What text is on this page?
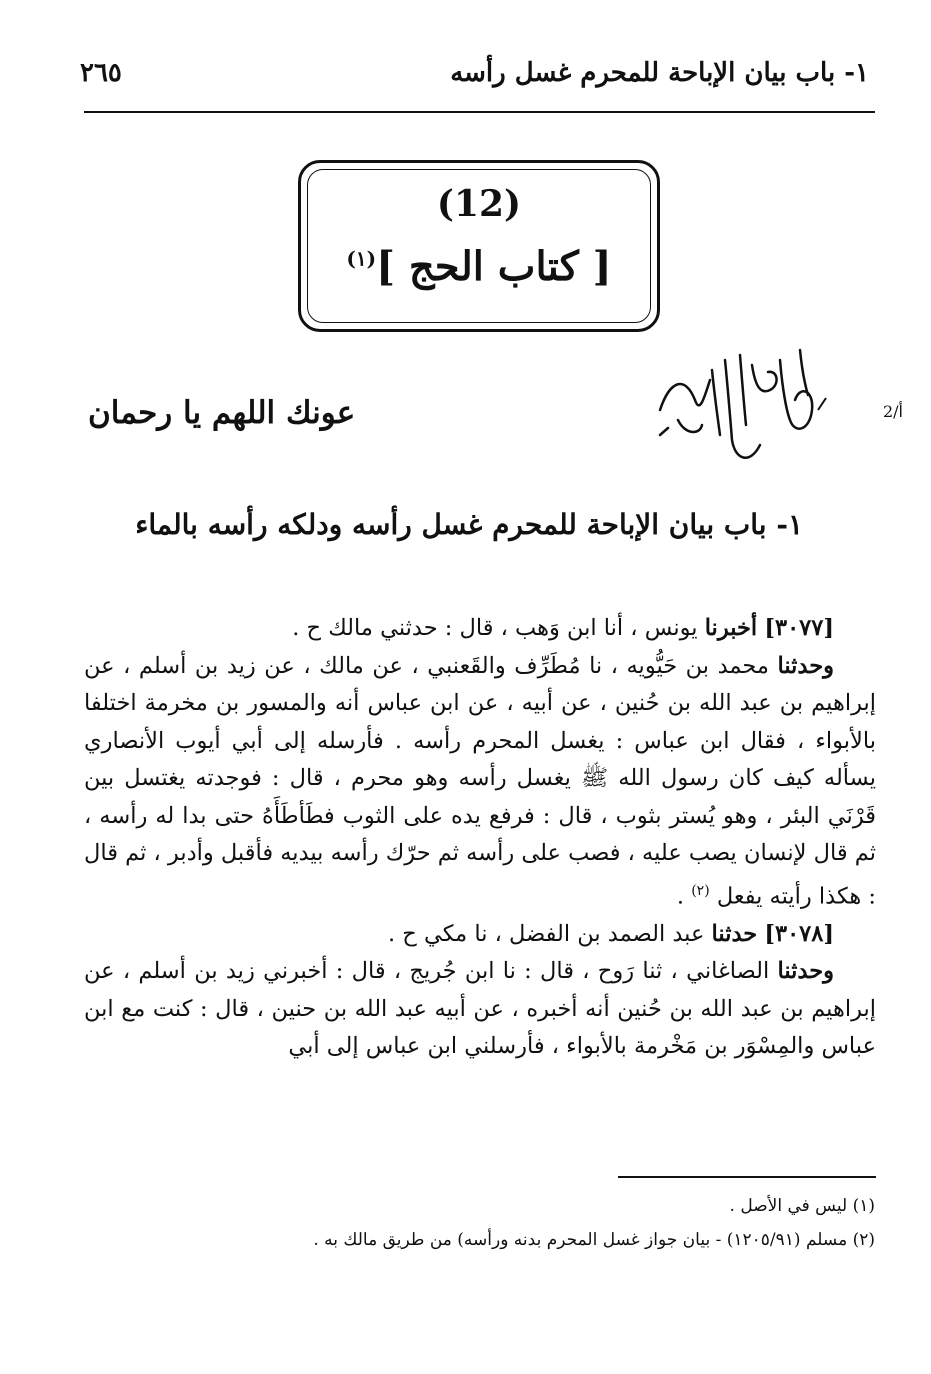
١- باب بيان الإباحة للمحرم غسل رأسه
٢٦٥
(12)
[ كتاب الحج ]$^{(١)}$
2/أ
بسم الله الرحمن الرحيم
عونك اللهم يا رحمان
١- باب بيان الإباحة للمحرم غسل رأسه ودلكه رأسه بالماء

[٣٠٧٧] أخبرنا يونس ، أنا ابن وَهب ، قال : حدثني مالك ح .

وحدثنا محمد بن حَيُّويه ، نا مُطَرِّف والقَعنبي ، عن مالك ، عن زيد بن أسلم ، عن إبراهيم بن عبد الله بن حُنين ، عن أبيه ، عن ابن عباس أنه والمسور بن مخرمة اختلفا بالأبواء ، فقال ابن عباس : يغسل المحرم رأسه . فأرسله إلى أبي أيوب الأنصاري يسأله كيف كان رسول الله ﷺ يغسل رأسه وهو محرم ، قال : فوجدته يغتسل بين قَرْنَي البئر ، وهو يُستر بثوب ، قال : فرفع يده على الثوب فطَأطَأَهُ حتى بدا له رأسه ، ثم قال لإنسان يصب عليه ، فصب على رأسه ثم حرّك رأسه بيديه فأقبل وأدبر ، ثم قال : هكذا رأيته يفعل $^{(٢)}$ .

[٣٠٧٨] حدثنا عبد الصمد بن الفضل ، نا مكي ح .

وحدثنا الصاغاني ، ثنا رَوح ، قال : نا ابن جُريج ، قال : أخبرني زيد بن أسلم ، عن إبراهيم بن عبد الله بن حُنين أنه أخبره ، عن أبيه عبد الله بن حنين ، قال : كنت مع ابن عباس والمِسْوَر بن مَخْرمة بالأبواء ، فأرسلني ابن عباس إلى أبي

(١) ليس في الأصل .
(٢) مسلم (١٢٠٥/٩١) - بيان جواز غسل المحرم بدنه ورأسه) من طريق مالك به .
